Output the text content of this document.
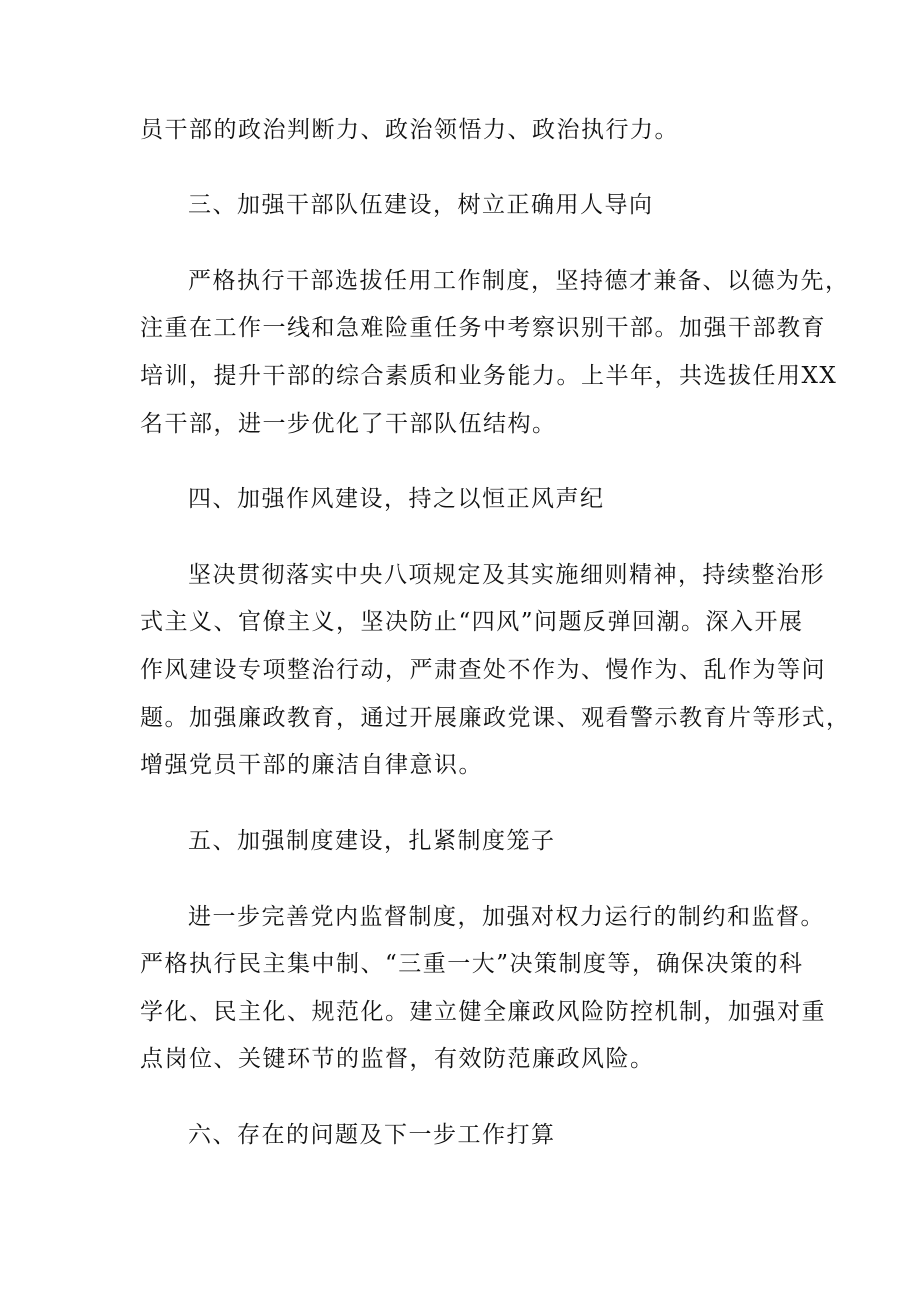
员干部的政治判断力、政治领悟力、政治执行力。
三、加强干部队伍建设，树立正确用人导向
严格执行干部选拔任用工作制度，坚持德才兼备、以德为先，
注重在工作一线和急难险重任务中考察识别干部。加强干部教育
培训，提升干部的综合素质和业务能力。上半年，共选拔任用XX
名干部，进一步优化了干部队伍结构。
四、加强作风建设，持之以恒正风声纪
坚决贯彻落实中央八项规定及其实施细则精神，持续整治形
式主义、官僚主义，坚决防止“四风”问题反弹回潮。深入开展
作风建设专项整治行动，严肃查处不作为、慢作为、乱作为等问
题。加强廉政教育，通过开展廉政党课、观看警示教育片等形式，
增强党员干部的廉洁自律意识。
五、加强制度建设，扎紧制度笼子
进一步完善党内监督制度，加强对权力运行的制约和监督。
严格执行民主集中制、“三重一大”决策制度等，确保决策的科
学化、民主化、规范化。建立健全廉政风险防控机制，加强对重
点岗位、关键环节的监督，有效防范廉政风险。
六、存在的问题及下一步工作打算
